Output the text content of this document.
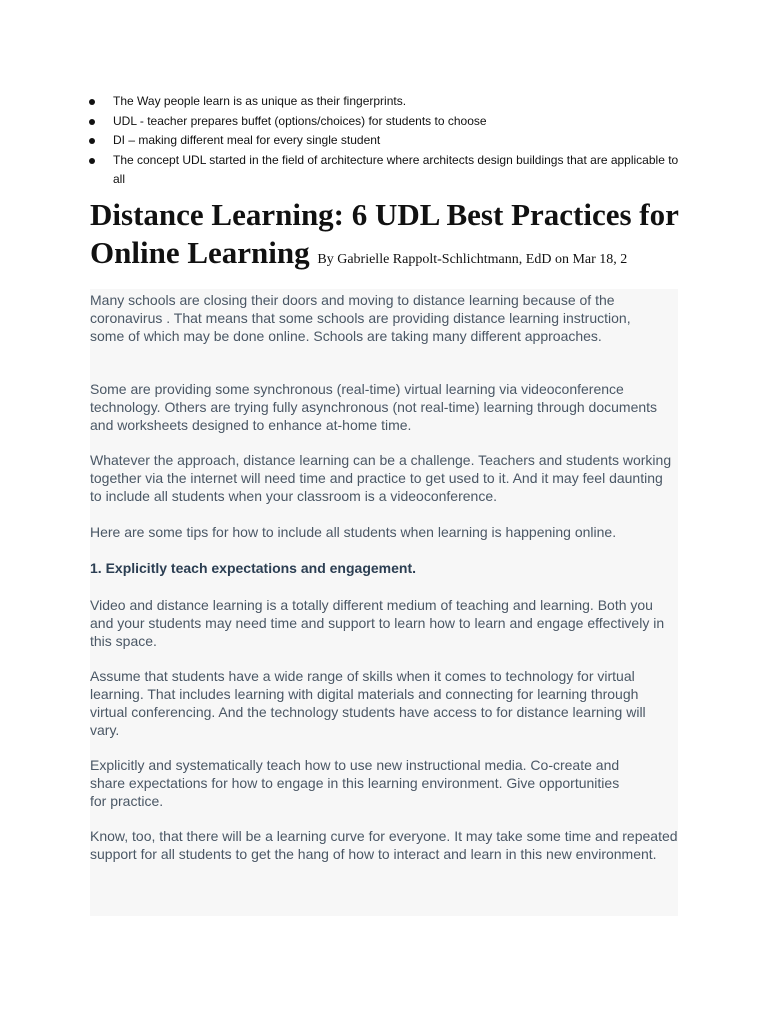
The Way people learn is as unique as their fingerprints.
UDL - teacher prepares buffet (options/choices) for students to choose
DI – making different meal for every single student
The concept UDL started in the field of architecture where architects design buildings that are applicable to all
Distance Learning: 6 UDL Best Practices for Online Learning By Gabrielle Rappolt-Schlichtmann, EdD on Mar 18, 2

Many schools are closing their doors and moving to distance learning because of the coronavirus . That means that some schools are providing distance learning instruction, some of which may be done online. Schools are taking many different approaches.

Some are providing some synchronous (real-time) virtual learning via videoconference technology. Others are trying fully asynchronous (not real-time) learning through documents and worksheets designed to enhance at-home time.

Whatever the approach, distance learning can be a challenge. Teachers and students working together via the internet will need time and practice to get used to it. And it may feel daunting to include all students when your classroom is a videoconference.

Here are some tips for how to include all students when learning is happening online.

1. Explicitly teach expectations and engagement.

Video and distance learning is a totally different medium of teaching and learning. Both you and your students may need time and support to learn how to learn and engage effectively in this space.

Assume that students have a wide range of skills when it comes to technology for virtual learning. That includes learning with digital materials and connecting for learning through virtual conferencing. And the technology students have access to for distance learning will vary.

Explicitly and systematically teach how to use new instructional media. Co-create and share expectations for how to engage in this learning environment. Give opportunities for practice.

Know, too, that there will be a learning curve for everyone. It may take some time and repeated support for all students to get the hang of how to interact and learn in this new environment.
